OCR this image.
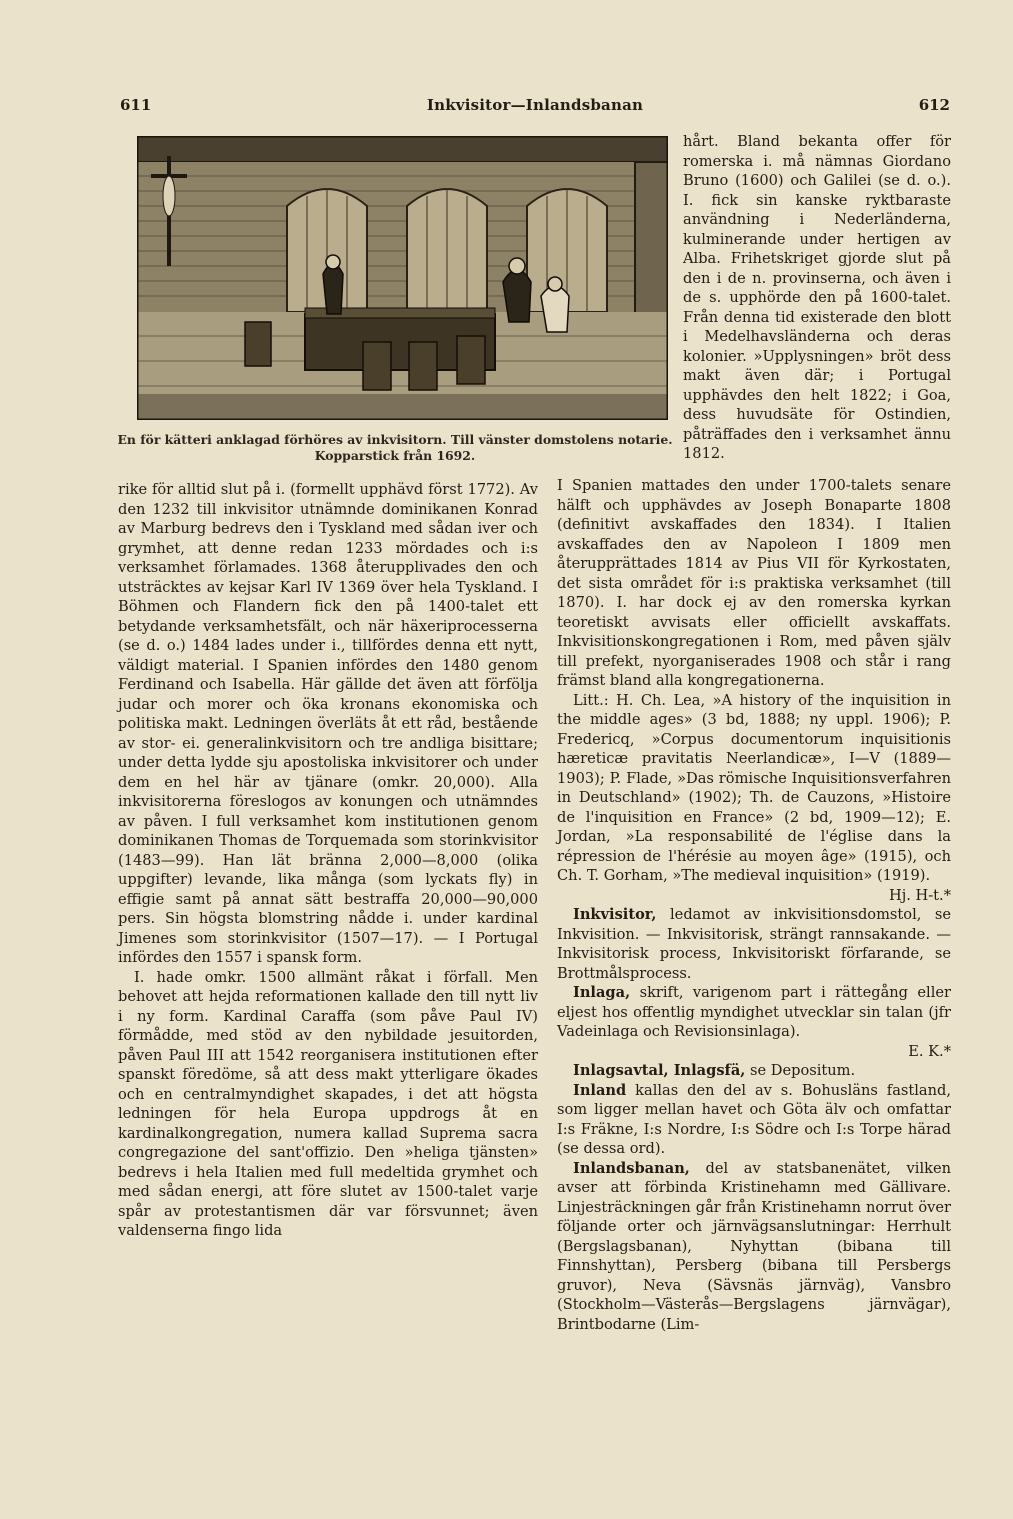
611	Inkvisitor—Inlandsbanan	612
En för kätteri anklagad förhöres av inkvisitorn. Till vänster domstolens notarie. Kopparstick från 1692.

hårt. Bland bekanta offer för romerska i. må nämnas Giordano Bruno (1600) och Galilei (se d. o.). I. fick sin kanske ryktbaraste användning i Nederländerna, kulminerande under hertigen av Alba. Frihetskriget gjorde slut på den i de n. provinserna, och även i de s. upphörde den på 1600-talet. Från denna tid existerade den blott i Medelhavsländerna och deras kolonier. »Upplysningen» bröt dess makt även där; i Portugal upphävdes den helt 1822; i Goa, dess huvudsäte för Ostindien, påträffades den i verksamhet ännu 1812.

rike för alltid slut på i. (formellt upphävd först 1772). Av den 1232 till inkvisitor utnämnde dominikanen Konrad av Marburg bedrevs den i Tyskland med sådan iver och grymhet, att denne redan 1233 mördades och i:s verksamhet förlamades. 1368 återupplivades den och utsträcktes av kejsar Karl IV 1369 över hela Tyskland. I Böhmen och Flandern fick den på 1400-talet ett betydande verksamhetsfält, och när häxeriprocesserna (se d. o.) 1484 lades under i., tillfördes denna ett nytt, väldigt material. I Spanien infördes den 1480 genom Ferdinand och Isabella. Här gällde det även att förfölja judar och morer och öka kronans ekonomiska och politiska makt. Ledningen överläts åt ett råd, bestående av stor- ei. generalinkvisitorn och tre andliga bisittare; under detta lydde sju apostoliska inkvisitorer och under dem en hel här av tjänare (omkr. 20,000). Alla inkvisitorerna föreslogos av konungen och utnämndes av påven. I full verksamhet kom institutionen genom dominikanen Thomas de Torquemada som storinkvisitor (1483—99). Han lät bränna 2,000—8,000 (olika uppgifter) levande, lika många (som lyckats fly) in effigie samt på annat sätt bestraffa 20,000—90,000 pers. Sin högsta blomstring nådde i. under kardinal Jimenes som storinkvisitor (1507—17). — I Portugal infördes den 1557 i spansk form.

I. hade omkr. 1500 allmänt råkat i förfall. Men behovet att hejda reformationen kallade den till nytt liv i ny form. Kardinal Caraffa (som påve Paul IV) förmådde, med stöd av den nybildade jesuitorden, påven Paul III att 1542 reorganisera institutionen efter spanskt föredöme, så att dess makt ytterligare ökades och en centralmyndighet skapades, i det att högsta ledningen för hela Europa uppdrogs åt en kardinalkongregation, numera kallad Suprema sacra congregazione del sant'offizio. Den »heliga tjänsten» bedrevs i hela Italien med full medeltida grymhet och med sådan energi, att före slutet av 1500-talet varje spår av protestantismen där var försvunnet; även valdenserna fingo lida

I Spanien mattades den under 1700-talets senare hälft och upphävdes av Joseph Bonaparte 1808 (definitivt avskaffades den 1834). I Italien avskaffades den av Napoleon I 1809 men återupprättades 1814 av Pius VII för Kyrkostaten, det sista området för i:s praktiska verksamhet (till 1870). I. har dock ej av den romerska kyrkan teoretiskt avvisats eller officiellt avskaffats. Inkvisitionskongregationen i Rom, med påven själv till prefekt, nyorganiserades 1908 och står i rang främst bland alla kongregationerna.

Litt.: H. Ch. Lea, »A history of the inquisition in the middle ages» (3 bd, 1888; ny uppl. 1906); P. Fredericq, »Corpus documentorum inquisitionis hæreticæ pravitatis Neerlandicæ», I—V (1889—1903); P. Flade, »Das römische Inquisitionsverfahren in Deutschland» (1902); Th. de Cauzons, »Histoire de l'inquisition en France» (2 bd, 1909—12); E. Jordan, »La responsabilité de l'église dans la répression de l'hérésie au moyen âge» (1915), och Ch. T. Gorham, »The medieval inquisition» (1919).
Hj. H-t.*

Inkvisitor, ledamot av inkvisitionsdomstol, se Inkvisition. — Inkvisitorisk, strängt rannsakande. — Inkvisitorisk process, Inkvisitoriskt förfarande, se Brottmålsprocess.

Inlaga, skrift, varigenom part i rättegång eller eljest hos offentlig myndighet utvecklar sin talan (jfr Vadeinlaga och Revisionsinlaga).
E. K.*

Inlagsavtal, Inlagsfä, se Depositum.

Inland kallas den del av s. Bohusläns fastland, som ligger mellan havet och Göta älv och omfattar I:s Fräkne, I:s Nordre, I:s Södre och I:s Torpe härad (se dessa ord).

Inlandsbanan, del av statsbanenätet, vilken avser att förbinda Kristinehamn med Gällivare. Linjesträckningen går från Kristinehamn norrut över följande orter och järnvägsanslutningar: Herrhult (Bergslagsbanan), Nyhyttan (bibana till Finnshyttan), Persberg (bibana till Persbergs gruvor), Neva (Sävsnäs järnväg), Vansbro (Stockholm—Västerås—Bergslagens järnvägar), Brintbodarne (Lim-
